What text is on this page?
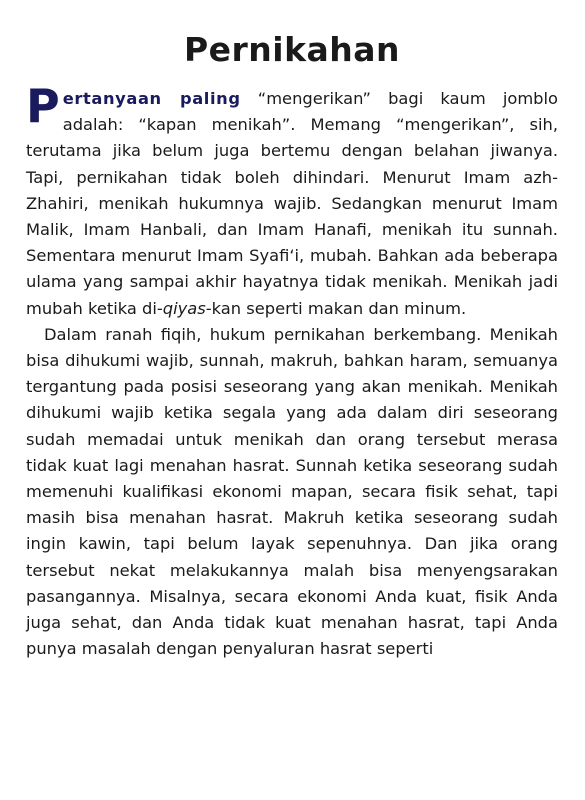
Pernikahan

Pertanyaan paling “mengerikan” bagi kaum jomblo adalah: “kapan menikah”. Memang “mengerikan”, sih, terutama jika belum juga bertemu dengan belahan jiwanya. Tapi, pernikahan tidak boleh dihindari. Menurut Imam azh-Zhahiri, menikah hukumnya wajib. Sedangkan menurut Imam Malik, Imam Hanbali, dan Imam Hanafi, menikah itu sunnah. Sementara menurut Imam Syafi‘i, mubah. Bahkan ada beberapa ulama yang sampai akhir hayatnya tidak menikah. Menikah jadi mubah ketika di-qiyas-kan seperti makan dan minum.

Dalam ranah fiqih, hukum pernikahan berkembang. Menikah bisa dihukumi wajib, sunnah, makruh, bahkan haram, semuanya tergantung pada posisi seseorang yang akan menikah. Menikah dihukumi wajib ketika segala yang ada dalam diri seseorang sudah memadai untuk menikah dan orang tersebut merasa tidak kuat lagi menahan hasrat. Sunnah ketika seseorang sudah memenuhi kualifikasi ekonomi mapan, secara fisik sehat, tapi masih bisa menahan hasrat. Makruh ketika seseorang sudah ingin kawin, tapi belum layak sepenuhnya. Dan jika orang tersebut nekat melakukannya malah bisa menyengsarakan pasangannya. Misalnya, secara ekonomi Anda kuat, fisik Anda juga sehat, dan Anda tidak kuat menahan hasrat, tapi Anda punya masalah dengan penyaluran hasrat seperti
